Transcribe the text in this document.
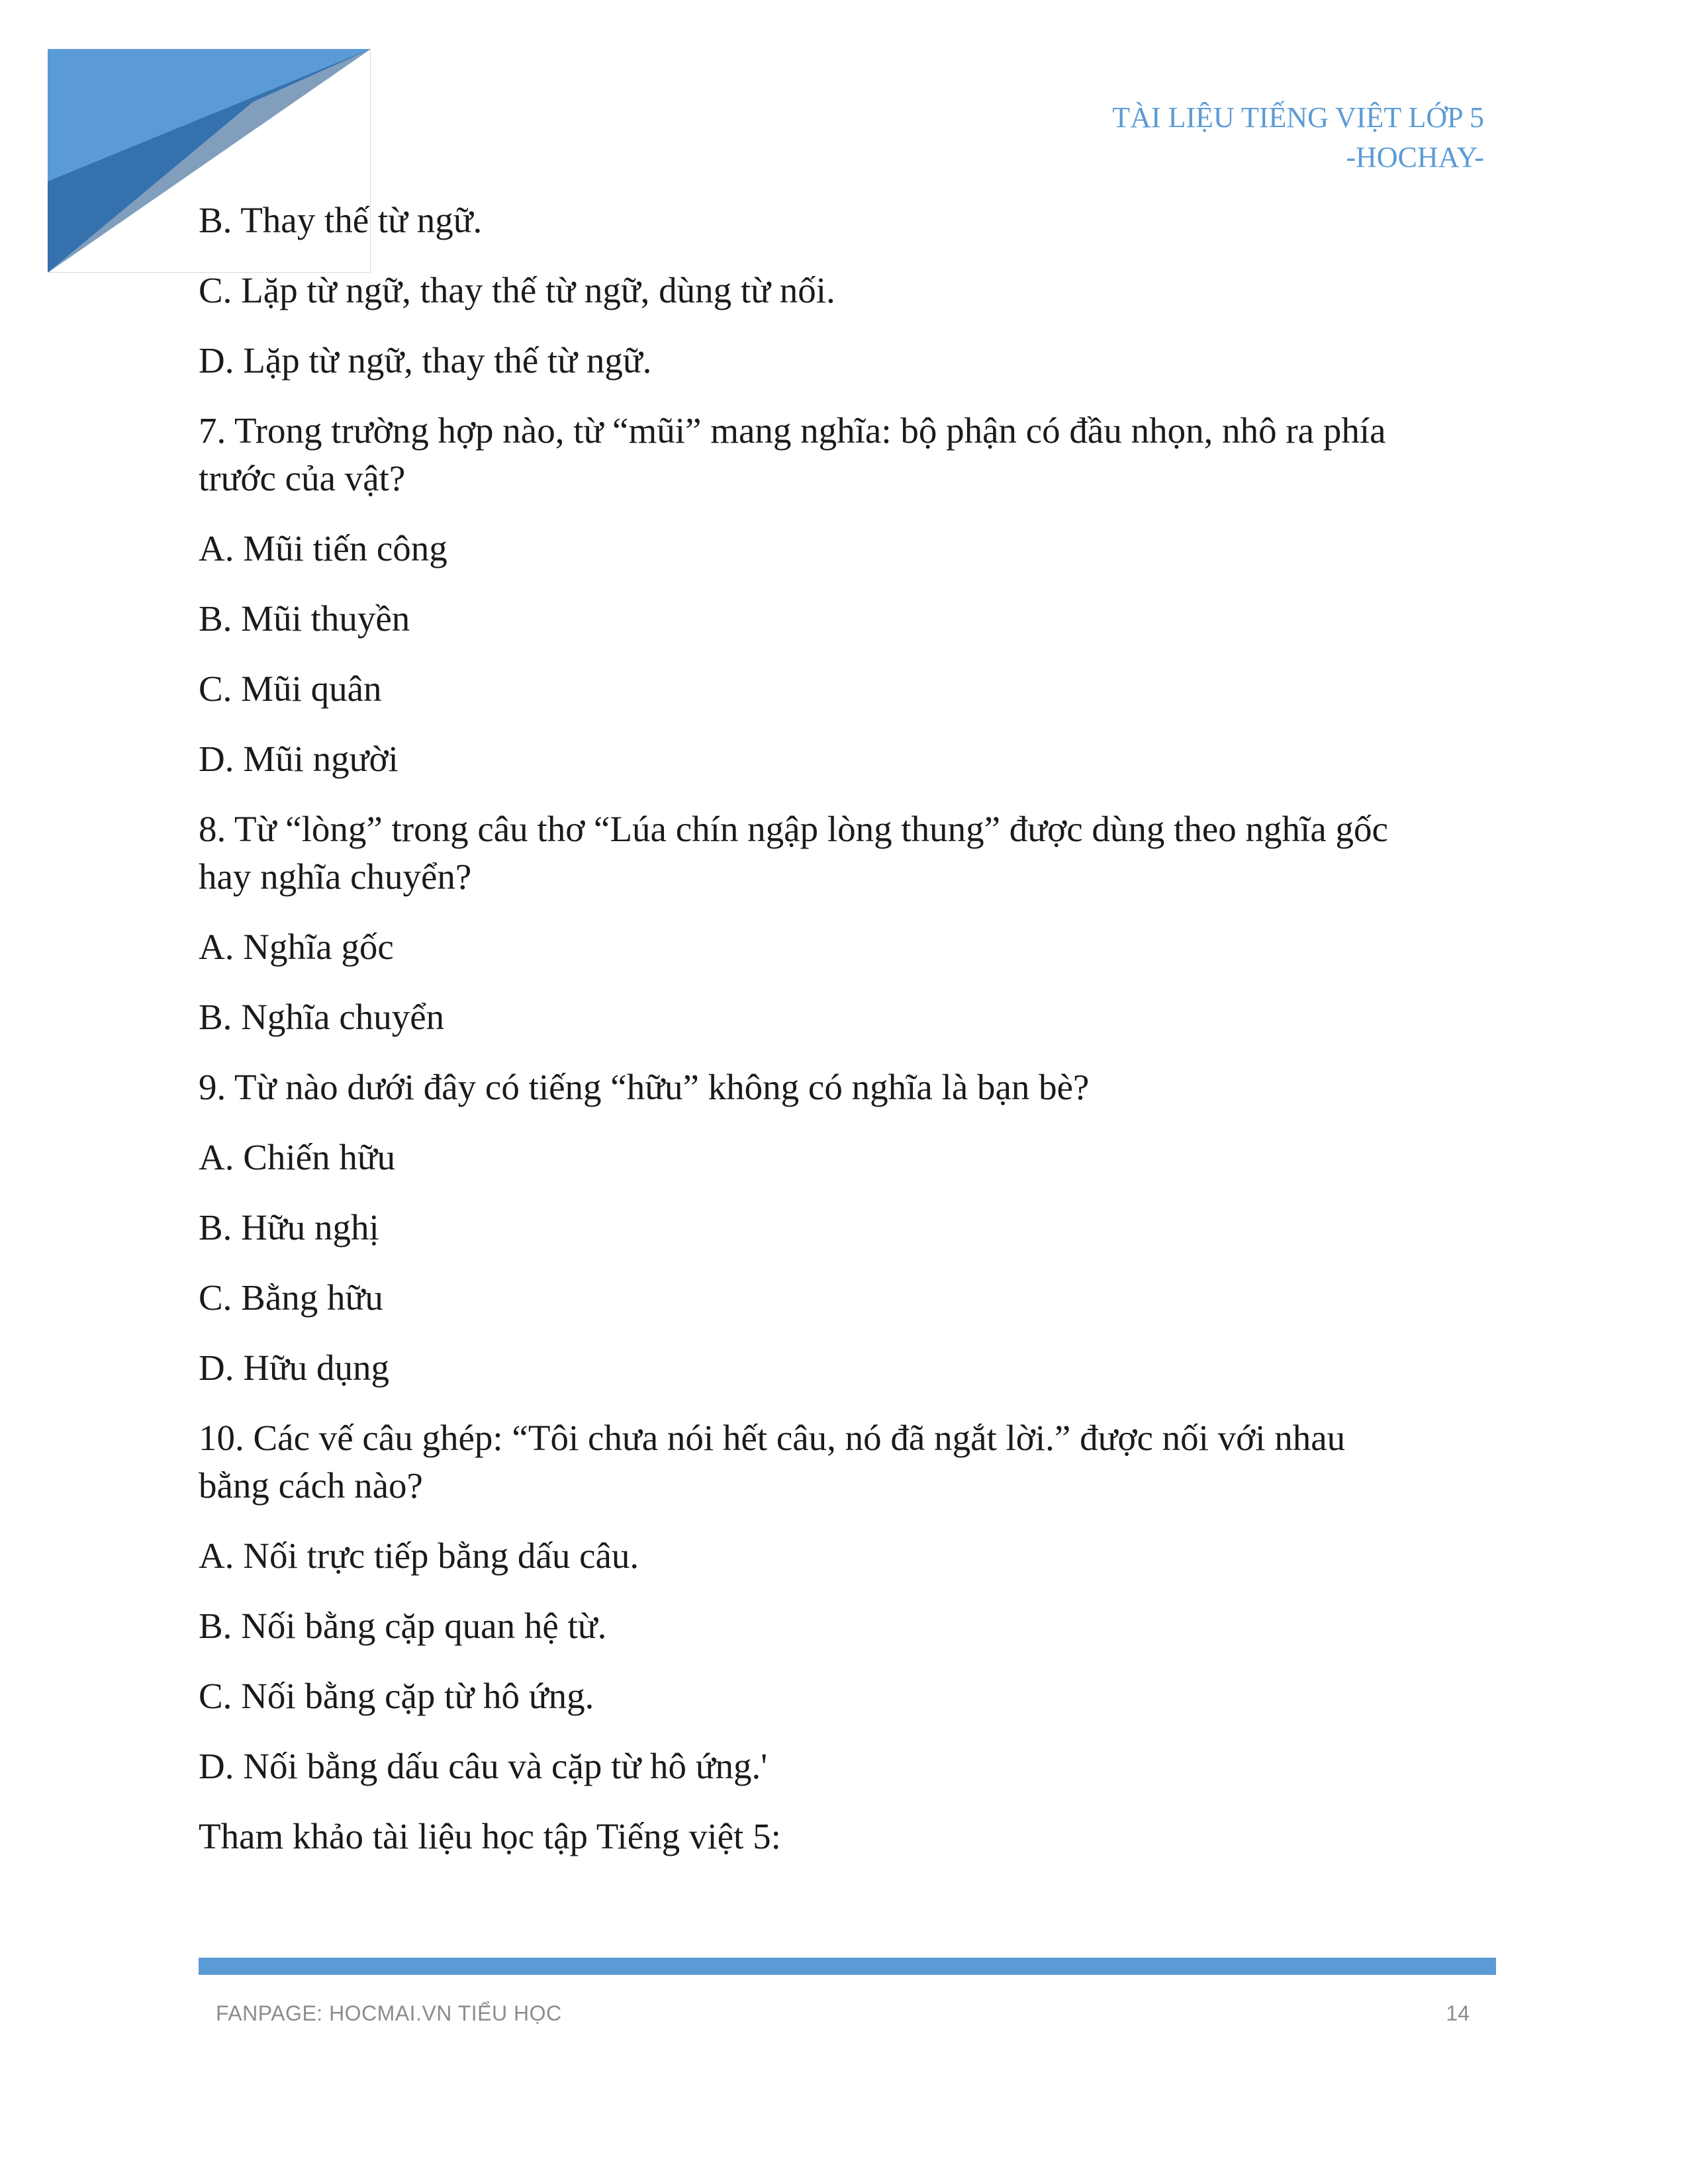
TÀI LIỆU TIẾNG VIỆT LỚP 5
-HOCHAY-
B. Thay thế từ ngữ.
C. Lặp từ ngữ, thay thế từ ngữ, dùng từ nối.
D. Lặp từ ngữ, thay thế từ ngữ.
7. Trong trường hợp nào, từ “mũi” mang nghĩa: bộ phận có đầu nhọn, nhô ra phía
trước của vật?
A. Mũi tiến công
B. Mũi thuyền
C. Mũi quân
D. Mũi người
8. Từ “lòng” trong câu thơ “Lúa chín ngập lòng thung” được dùng theo nghĩa gốc
hay nghĩa chuyển?
A. Nghĩa gốc
B. Nghĩa chuyển
9. Từ nào dưới đây có tiếng “hữu” không có nghĩa là bạn bè?
A. Chiến hữu
B. Hữu nghị
C. Bằng hữu
D. Hữu dụng
10. Các vế câu ghép: “Tôi chưa nói hết câu, nó đã ngắt lời.” được nối với nhau
bằng cách nào?
A. Nối trực tiếp bằng dấu câu.
B. Nối bằng cặp quan hệ từ.
C. Nối bằng cặp từ hô ứng.
D. Nối bằng dấu câu và cặp từ hô ứng.'
Tham khảo tài liệu học tập Tiếng việt 5:
FANPAGE: HOCMAI.VN TIỂU HỌC	14
